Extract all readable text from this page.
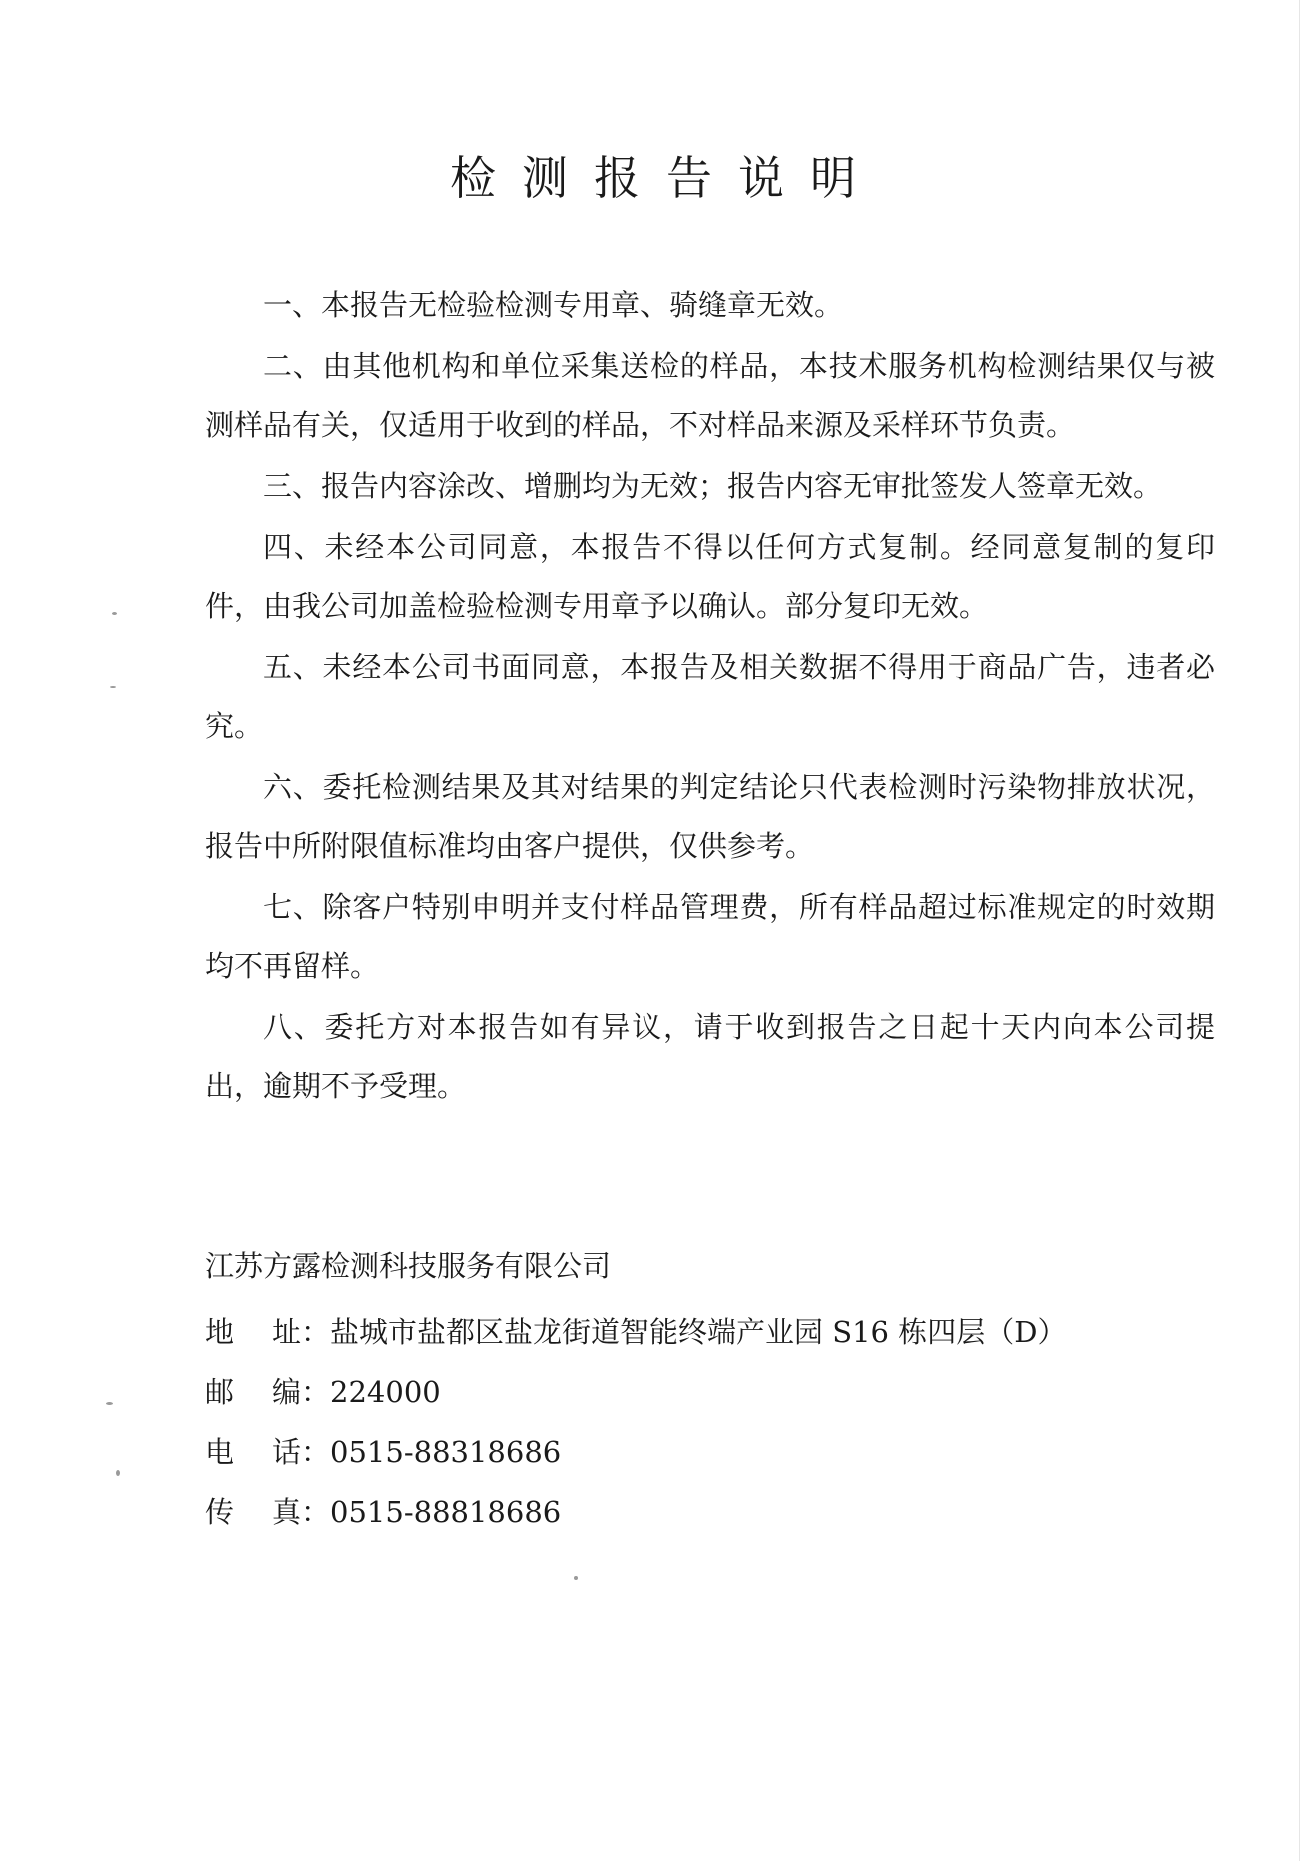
检测报告说明

一、本报告无检验检测专用章、骑缝章无效。

二、由其他机构和单位采集送检的样品，本技术服务机构检测结果仅与被测样品有关，仅适用于收到的样品，不对样品来源及采样环节负责。

三、报告内容涂改、增删均为无效；报告内容无审批签发人签章无效。

四、未经本公司同意，本报告不得以任何方式复制。经同意复制的复印件，由我公司加盖检验检测专用章予以确认。部分复印无效。

五、未经本公司书面同意，本报告及相关数据不得用于商品广告，违者必究。

六、委托检测结果及其对结果的判定结论只代表检测时污染物排放状况，报告中所附限值标准均由客户提供，仅供参考。

七、除客户特别申明并支付样品管理费，所有样品超过标准规定的时效期均不再留样。

八、委托方对本报告如有异议，请于收到报告之日起十天内向本公司提出，逾期不予受理。

江苏方露检测科技服务有限公司
地址：盐城市盐都区盐龙街道智能终端产业园 S16 栋四层（D）
邮编：224000
电话：0515-88318686
传真：0515-88818686
